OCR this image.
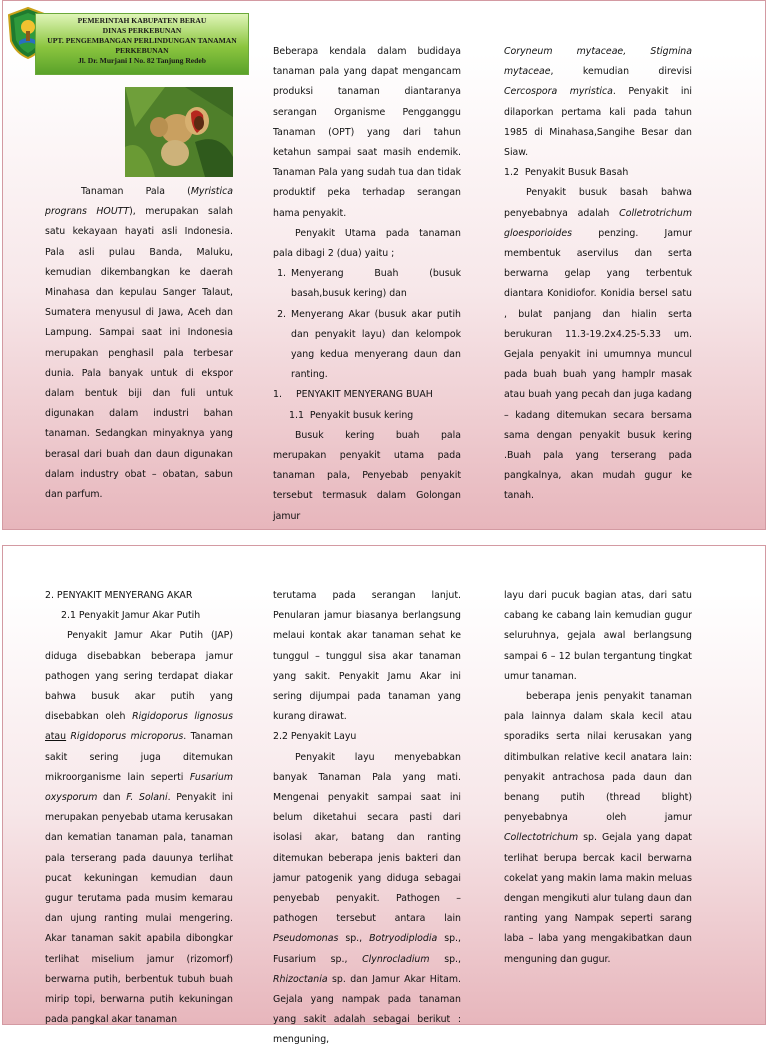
PEMERINTAH KABUPATEN BERAU
DINAS PERKEBUNAN
UPT. PENGEMBANGAN PERLINDUNGAN TANAMAN
PERKEBUNAN
Jl. Dr. Murjani I No. 82 Tanjung Redeb

Tanaman Pala (Myristica prograns HOUTT), merupakan salah satu kekayaan hayati asli Indonesia. Pala asli pulau Banda, Maluku, kemudian dikembangkan ke daerah Minahasa dan kepulau Sanger Talaut, Sumatera menyusul di Jawa, Aceh dan Lampung. Sampai saat ini Indonesia merupakan penghasil pala terbesar dunia. Pala banyak untuk di ekspor dalam bentuk biji dan fuli untuk digunakan dalam industri bahan tanaman. Sedangkan minyaknya yang berasal dari buah dan daun digunakan dalam industry obat – obatan, sabun dan parfum.

Beberapa kendala dalam budidaya tanaman pala yang dapat mengancam produksi tanaman diantaranya serangan Organisme Pengganggu Tanaman (OPT) yang dari tahun ketahun sampai saat masih endemik. Tanaman Pala yang sudah tua dan tidak produktif peka terhadap serangan hama penyakit.

Penyakit Utama pada tanaman pala dibagi 2 (dua) yaitu ;

1. Menyerang Buah (busuk basah,busuk kering) dan
2. Menyerang Akar (busuk akar putih dan penyakit layu) dan kelompok yang kedua menyerang daun dan ranting.

1. PENYAKIT MENYERANG BUAH

1.1 Penyakit busuk kering

Busuk kering buah pala merupakan penyakit utama pada tanaman pala, Penyebab penyakit tersebut termasuk dalam Golongan jamur

Coryneum mytaceae, Stigmina mytaceae, kemudian direvisi Cercospora myristica. Penyakit ini dilaporkan pertama kali pada tahun 1985 di Minahasa,Sangihe Besar dan Siaw.

1.2 Penyakit Busuk Basah

Penyakit busuk basah bahwa penyebabnya adalah Colletrotrichum gloesporioides penzing. Jamur membentuk aservilus dan serta berwarna gelap yang terbentuk diantara Konidiofor. Konidia bersel satu , bulat panjang dan hialin serta berukuran 11.3-19.2x4.25-5.33 um. Gejala penyakit ini umumnya muncul pada buah buah yang hamplr masak atau buah yang pecah dan juga kadang – kadang ditemukan secara bersama sama dengan penyakit busuk kering .Buah pala yang terserang pada pangkalnya, akan mudah gugur ke tanah.

2. PENYAKIT MENYERANG AKAR

2.1 Penyakit Jamur Akar Putih

Penyakit Jamur Akar Putih (JAP) diduga disebabkan beberapa jamur pathogen yang sering terdapat diakar bahwa busuk akar putih yang disebabkan oleh Rigidoporus lignosus atau Rigidoporus microporus. Tanaman sakit sering juga ditemukan mikroorganisme lain seperti Fusarium oxysporum dan F. Solani. Penyakit ini merupakan penyebab utama kerusakan dan kematian tanaman pala, tanaman pala terserang pada dauunya terlihat pucat kekuningan kemudian daun gugur terutama pada musim kemarau dan ujung ranting mulai mengering. Akar tanaman sakit apabila dibongkar terlihat miselium jamur (rizomorf) berwarna putih, berbentuk tubuh buah mirip topi, berwarna putih kekuningan pada pangkal akar tanaman

terutama pada serangan lanjut. Penularan jamur biasanya berlangsung melaui kontak akar tanaman sehat ke tunggul – tunggul sisa akar tanaman yang sakit. Penyakit Jamu Akar ini sering dijumpai pada tanaman yang kurang dirawat.

2.2 Penyakit Layu

Penyakit layu menyebabkan banyak Tanaman Pala yang mati. Mengenai penyakit sampai saat ini belum diketahui secara pasti dari isolasi akar, batang dan ranting ditemukan beberapa jenis bakteri dan jamur patogenik yang diduga sebagai penyebab penyakit. Pathogen – pathogen tersebut antara lain Pseudomonas sp., Botryodiplodia sp., Fusarium sp., Clynrocladium sp., Rhizoctania sp. dan Jamur Akar Hitam. Gejala yang nampak pada tanaman yang sakit adalah sebagai berikut : menguning,

layu dari pucuk bagian atas, dari satu cabang ke cabang lain kemudian gugur seluruhnya, gejala awal berlangsung sampai 6 – 12 bulan tergantung tingkat umur tanaman.

beberapa jenis penyakit tanaman pala lainnya dalam skala kecil atau sporadiks serta nilai kerusakan yang ditimbulkan relative kecil anatara lain: penyakit antrachosa pada daun dan benang putih (thread blight) penyebabnya oleh jamur Collectotrichum sp. Gejala yang dapat terlihat berupa bercak kacil berwarna cokelat yang makin lama makin meluas dengan mengikuti alur tulang daun dan ranting yang Nampak seperti sarang laba – laba yang mengakibatkan daun menguning dan gugur.
